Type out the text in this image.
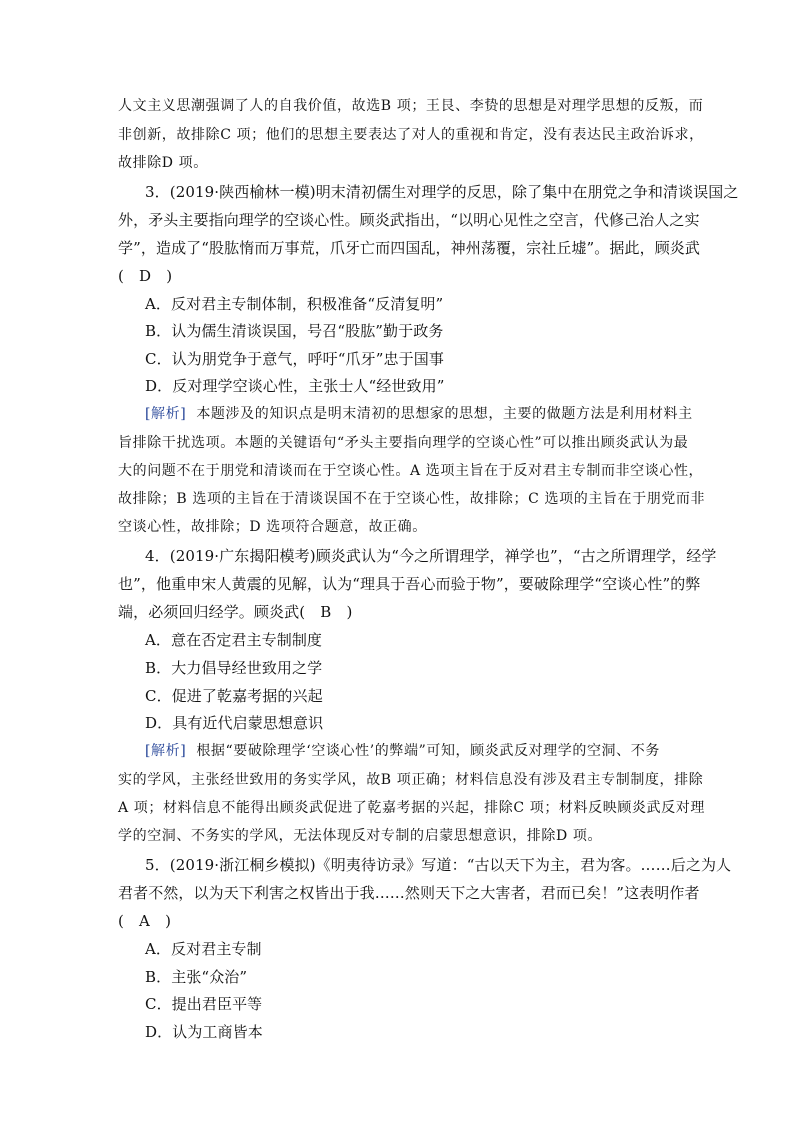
人文主义思潮强调了人的自我价值，故选B 项；王艮、李贽的思想是对理学思想的反叛，而
非创新，故排除C 项；他们的思想主要表达了对人的重视和肯定，没有表达民主政治诉求，
故排除D 项。
3．(2019·陕西榆林一模)明末清初儒生对理学的反思，除了集中在朋党之争和清谈误国之
外，矛头主要指向理学的空谈心性。顾炎武指出，“以明心见性之空言，代修己治人之实
学”，造成了“股肱惰而万事荒，爪牙亡而四国乱，神州荡覆，宗社丘墟”。据此，顾炎武
(　D　)
A．反对君主专制体制，积极准备“反清复明”
B．认为儒生清谈误国，号召“股肱”勤于政务
C．认为朋党争于意气，呼吁“爪牙”忠于国事
D．反对理学空谈心性，主张士人“经世致用”
[解析] 本题涉及的知识点是明末清初的思想家的思想，主要的做题方法是利用材料主
旨排除干扰选项。本题的关键语句“矛头主要指向理学的空谈心性”可以推出顾炎武认为最
大的问题不在于朋党和清谈而在于空谈心性。A 选项主旨在于反对君主专制而非空谈心性，
故排除；B 选项的主旨在于清谈误国不在于空谈心性，故排除；C 选项的主旨在于朋党而非
空谈心性，故排除；D 选项符合题意，故正确。
4．(2019·广东揭阳模考)顾炎武认为“今之所谓理学，禅学也”，“古之所谓理学，经学
也”，他重申宋人黄震的见解，认为“理具于吾心而验于物”，要破除理学“空谈心性”的弊
端，必须回归经学。顾炎武(　B　)
A．意在否定君主专制制度
B．大力倡导经世致用之学
C．促进了乾嘉考据的兴起
D．具有近代启蒙思想意识
[解析] 根据“要破除理学‘空谈心性’的弊端”可知，顾炎武反对理学的空洞、不务
实的学风，主张经世致用的务实学风，故B 项正确；材料信息没有涉及君主专制制度，排除
A 项；材料信息不能得出顾炎武促进了乾嘉考据的兴起，排除C 项；材料反映顾炎武反对理
学的空洞、不务实的学风，无法体现反对专制的启蒙思想意识，排除D 项。
5．(2019·浙江桐乡模拟)《明夷待访录》写道：“古以天下为主，君为客。……后之为人
君者不然，以为天下利害之权皆出于我……然则天下之大害者，君而已矣！”这表明作者
(　A　)
A．反对君主专制
B．主张“众治”
C．提出君臣平等
D．认为工商皆本
